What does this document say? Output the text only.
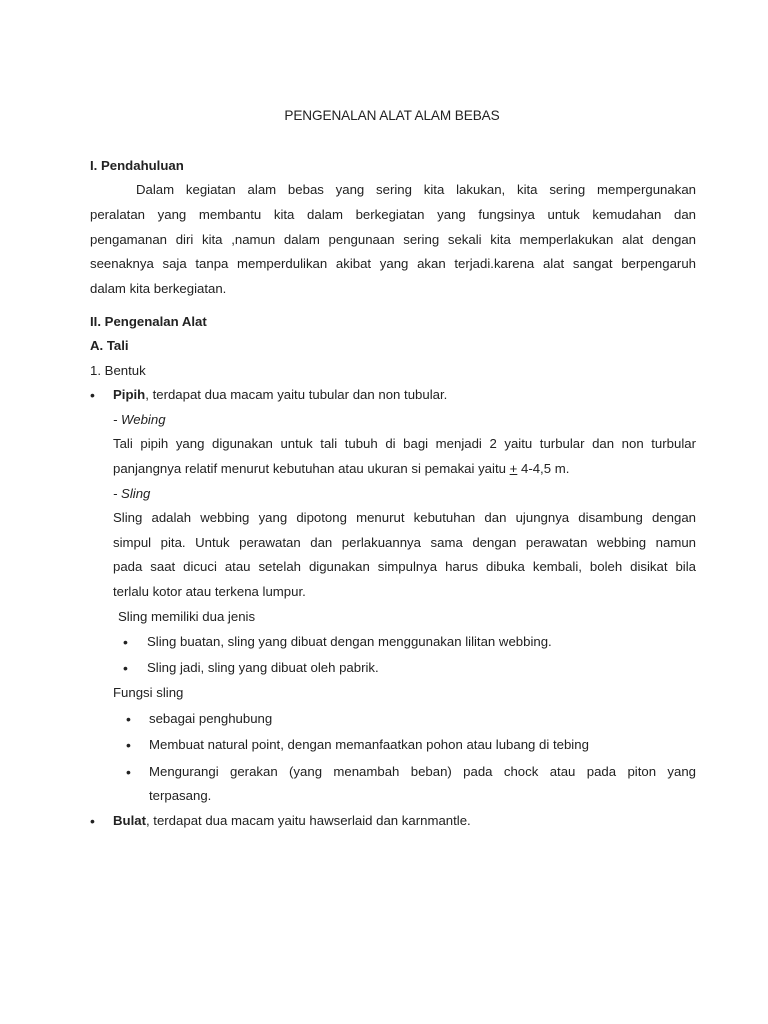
PENGENALAN ALAT ALAM BEBAS
I. Pendahuluan
Dalam kegiatan alam bebas yang sering kita lakukan, kita sering mempergunakan
peralatan yang membantu kita dalam berkegiatan yang fungsinya untuk kemudahan dan
pengamanan diri kita ,namun dalam pengunaan sering sekali kita memperlakukan alat dengan
seenaknya saja tanpa memperdulikan akibat yang akan terjadi.karena alat sangat berpengaruh
dalam kita berkegiatan.
II. Pengenalan Alat
A. Tali
1. Bentuk
• Pipih, terdapat dua macam yaitu tubular dan non tubular.
- Webing
Tali pipih yang digunakan untuk tali tubuh di bagi menjadi 2 yaitu turbular dan non turbular
panjangnya relatif menurut kebutuhan atau ukuran si pemakai yaitu + 4-4,5 m.
- Sling
Sling adalah webbing yang dipotong menurut kebutuhan dan ujungnya disambung dengan
simpul pita. Untuk perawatan dan perlakuannya sama dengan perawatan webbing namun
pada saat dicuci atau setelah digunakan simpulnya harus dibuka kembali, boleh disikat bila
terlalu kotor atau terkena lumpur.
Sling memiliki dua jenis
• Sling buatan, sling yang dibuat dengan menggunakan lilitan webbing.
• Sling jadi, sling yang dibuat oleh pabrik.
Fungsi sling
• sebagai penghubung
• Membuat natural point, dengan memanfaatkan pohon atau lubang di tebing
• Mengurangi gerakan (yang menambah beban) pada chock atau pada piton yang
terpasang.
• Bulat, terdapat dua macam yaitu hawserlaid dan karnmantle.
